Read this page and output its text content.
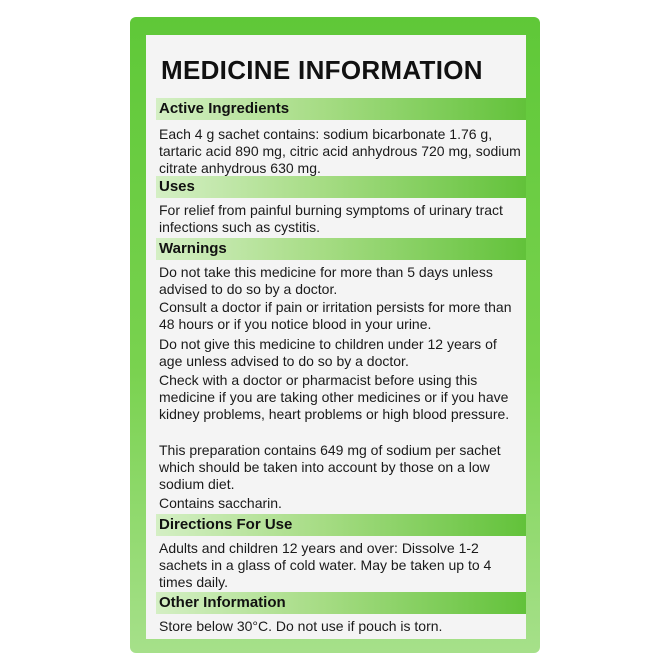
MEDICINE INFORMATION
Active Ingredients
Each 4 g sachet contains: sodium bicarbonate 1.76 g, tartaric acid 890 mg, citric acid anhydrous 720 mg, sodium citrate anhydrous 630 mg.
Uses
For relief from painful burning symptoms of urinary tract infections such as cystitis.
Warnings
Do not take this medicine for more than 5 days unless advised to do so by a doctor.
Consult a doctor if pain or irritation persists for more than 48 hours or if you notice blood in your urine.
Do not give this medicine to children under 12 years of age unless advised to do so by a doctor.
Check with a doctor or pharmacist before using this medicine if you are taking other medicines or if you have kidney problems, heart problems or high blood pressure.
This preparation contains 649 mg of sodium per sachet which should be taken into account by those on a low sodium diet.
Contains saccharin.
Directions For Use
Adults and children 12 years and over: Dissolve 1-2 sachets in a glass of cold water. May be taken up to 4 times daily.
Other Information
Store below 30°C. Do not use if pouch is torn.
